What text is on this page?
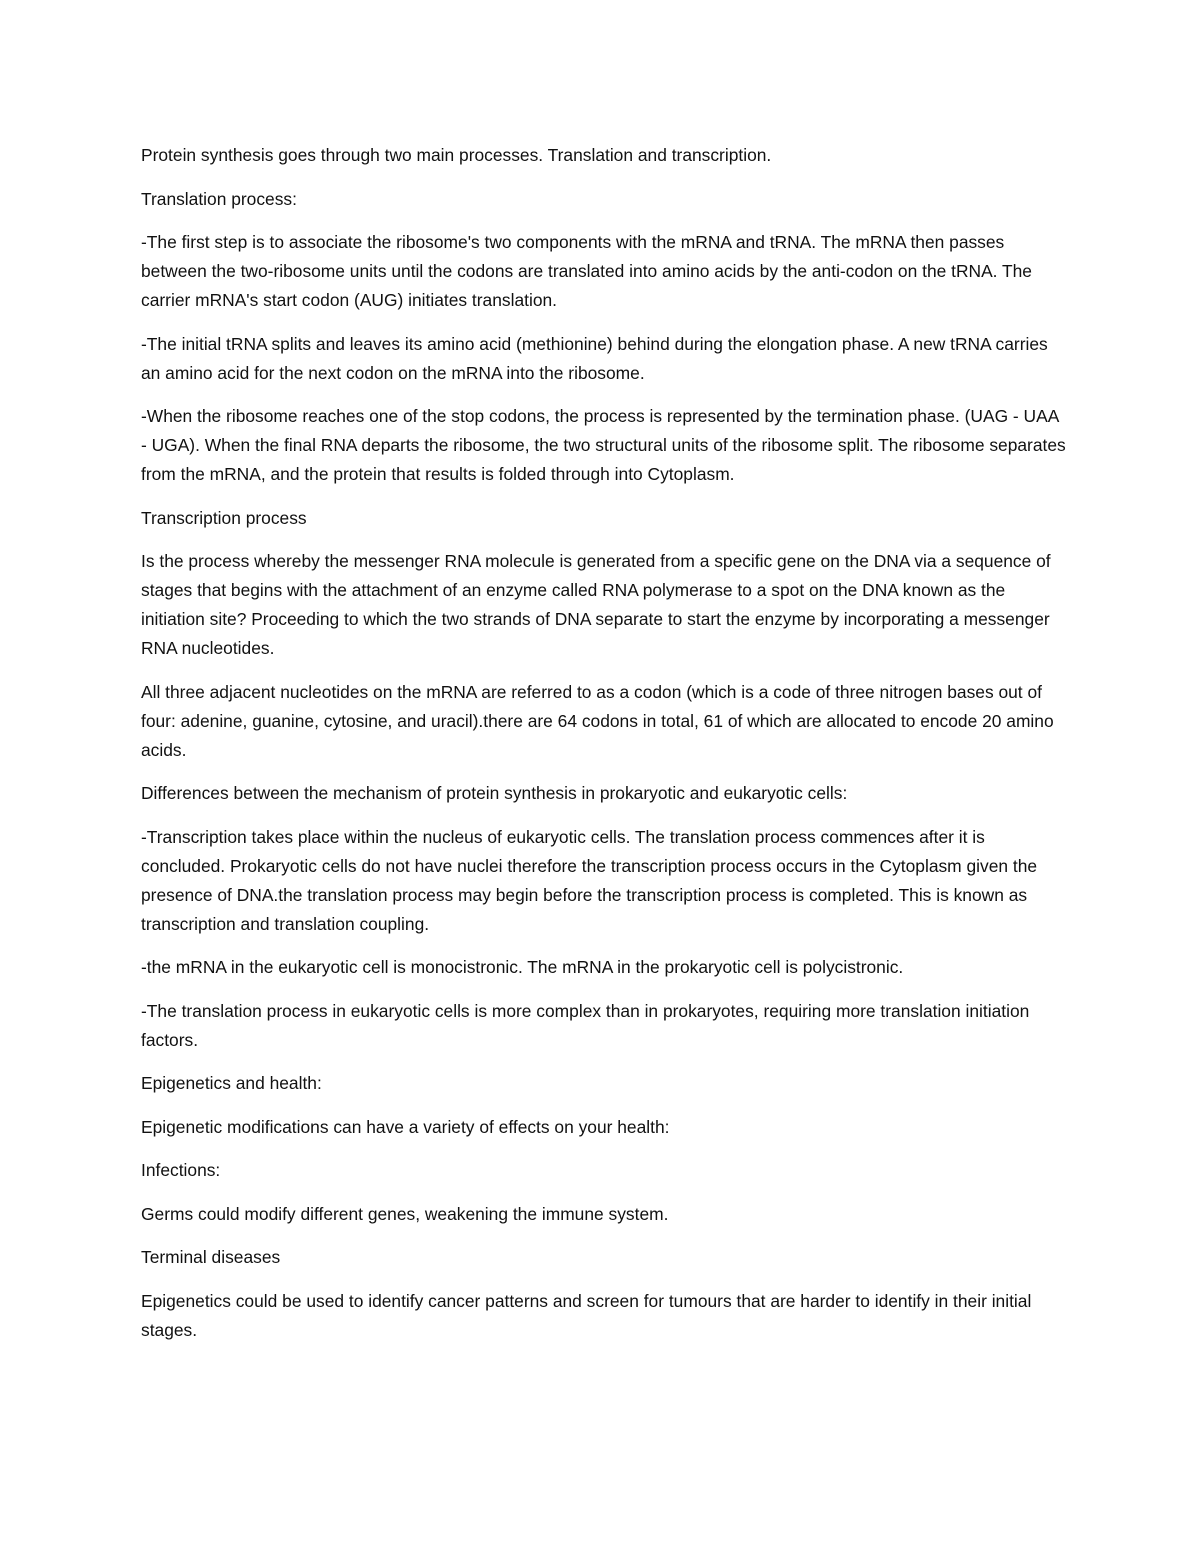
Protein synthesis goes through two main processes. Translation and transcription.

Translation process:

-The first step is to associate the ribosome's two components with the mRNA and tRNA. The mRNA then passes between the two-ribosome units until the codons are translated into amino acids by the anti-codon on the tRNA. The carrier mRNA's start codon (AUG) initiates translation.

-The initial tRNA splits and leaves its amino acid (methionine) behind during the elongation phase. A new tRNA carries an amino acid for the next codon on the mRNA into the ribosome.

-When the ribosome reaches one of the stop codons, the process is represented by the termination phase. (UAG - UAA - UGA). When the final RNA departs the ribosome, the two structural units of the ribosome split. The ribosome separates from the mRNA, and the protein that results is folded through into Cytoplasm.

Transcription process

Is the process whereby the messenger RNA molecule is generated from a specific gene on the DNA via a sequence of stages that begins with the attachment of an enzyme called RNA polymerase to a spot on the DNA known as the initiation site? Proceeding to which the two strands of DNA separate to start the enzyme by incorporating a messenger RNA nucleotides.

All three adjacent nucleotides on the mRNA are referred to as a codon (which is a code of three nitrogen bases out of four: adenine, guanine, cytosine, and uracil).there are 64 codons in total, 61 of which are allocated to encode 20 amino acids.

Differences between the mechanism of protein synthesis in prokaryotic and eukaryotic cells:

-Transcription takes place within the nucleus of eukaryotic cells. The translation process commences after it is concluded. Prokaryotic cells do not have nuclei therefore the transcription process occurs in the Cytoplasm given the presence of DNA.the translation process may begin before the transcription process is completed. This is known as transcription and translation coupling.

-the mRNA in the eukaryotic cell is monocistronic. The mRNA in the prokaryotic cell is polycistronic.

-The translation process in eukaryotic cells is more complex than in prokaryotes, requiring more translation initiation factors.

Epigenetics and health:

Epigenetic modifications can have a variety of effects on your health:

Infections:

Germs could modify different genes, weakening the immune system.

Terminal diseases

Epigenetics could be used to identify cancer patterns and screen for tumours that are harder to identify in their initial stages.
